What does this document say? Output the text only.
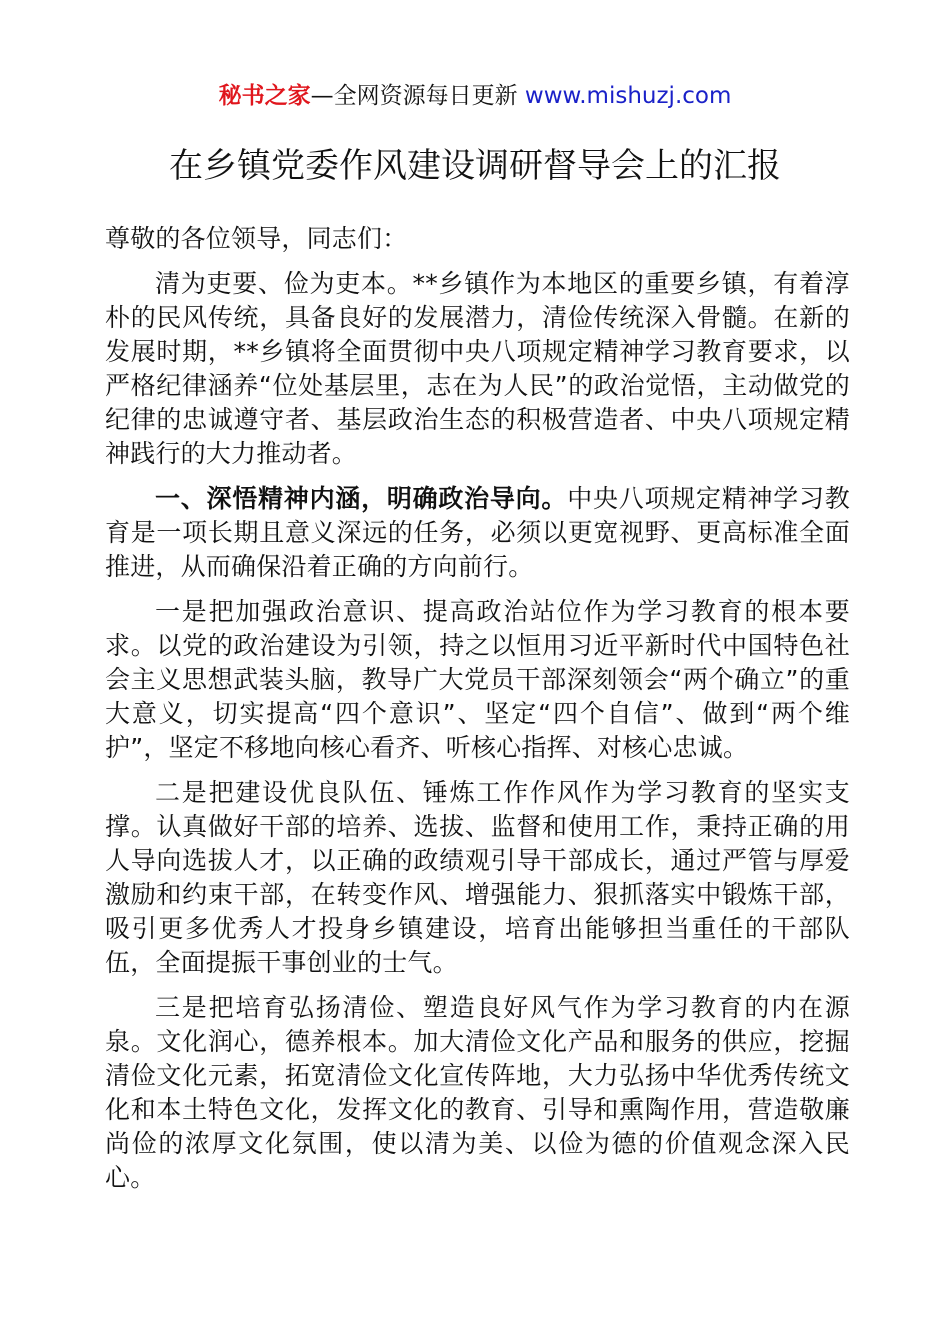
秘书之家—全网资源每日更新 www.mishuzj.com
在乡镇党委作风建设调研督导会上的汇报

尊敬的各位领导，同志们：

清为吏要、俭为吏本。**乡镇作为本地区的重要乡镇，有着淳朴的民风传统，具备良好的发展潜力，清俭传统深入骨髓。在新的发展时期，**乡镇将全面贯彻中央八项规定精神学习教育要求，以严格纪律涵养“位处基层里，志在为人民”的政治觉悟，主动做党的纪律的忠诚遵守者、基层政治生态的积极营造者、中央八项规定精神践行的大力推动者。

一、深悟精神内涵，明确政治导向。中央八项规定精神学习教育是一项长期且意义深远的任务，必须以更宽视野、更高标准全面推进，从而确保沿着正确的方向前行。

一是把加强政治意识、提高政治站位作为学习教育的根本要求。以党的政治建设为引领，持之以恒用习近平新时代中国特色社会主义思想武装头脑，教导广大党员干部深刻领会“两个确立”的重大意义，切实提高“四个意识”、坚定“四个自信”、做到“两个维护”，坚定不移地向核心看齐、听核心指挥、对核心忠诚。

二是把建设优良队伍、锤炼工作作风作为学习教育的坚实支撑。认真做好干部的培养、选拔、监督和使用工作，秉持正确的用人导向选拔人才，以正确的政绩观引导干部成长，通过严管与厚爱激励和约束干部，在转变作风、增强能力、狠抓落实中锻炼干部，吸引更多优秀人才投身乡镇建设，培育出能够担当重任的干部队伍，全面提振干事创业的士气。

三是把培育弘扬清俭、塑造良好风气作为学习教育的内在源泉。文化润心，德养根本。加大清俭文化产品和服务的供应，挖掘清俭文化元素，拓宽清俭文化宣传阵地，大力弘扬中华优秀传统文化和本土特色文化，发挥文化的教育、引导和熏陶作用，营造敬廉尚俭的浓厚文化氛围，使以清为美、以俭为德的价值观念深入民心。
